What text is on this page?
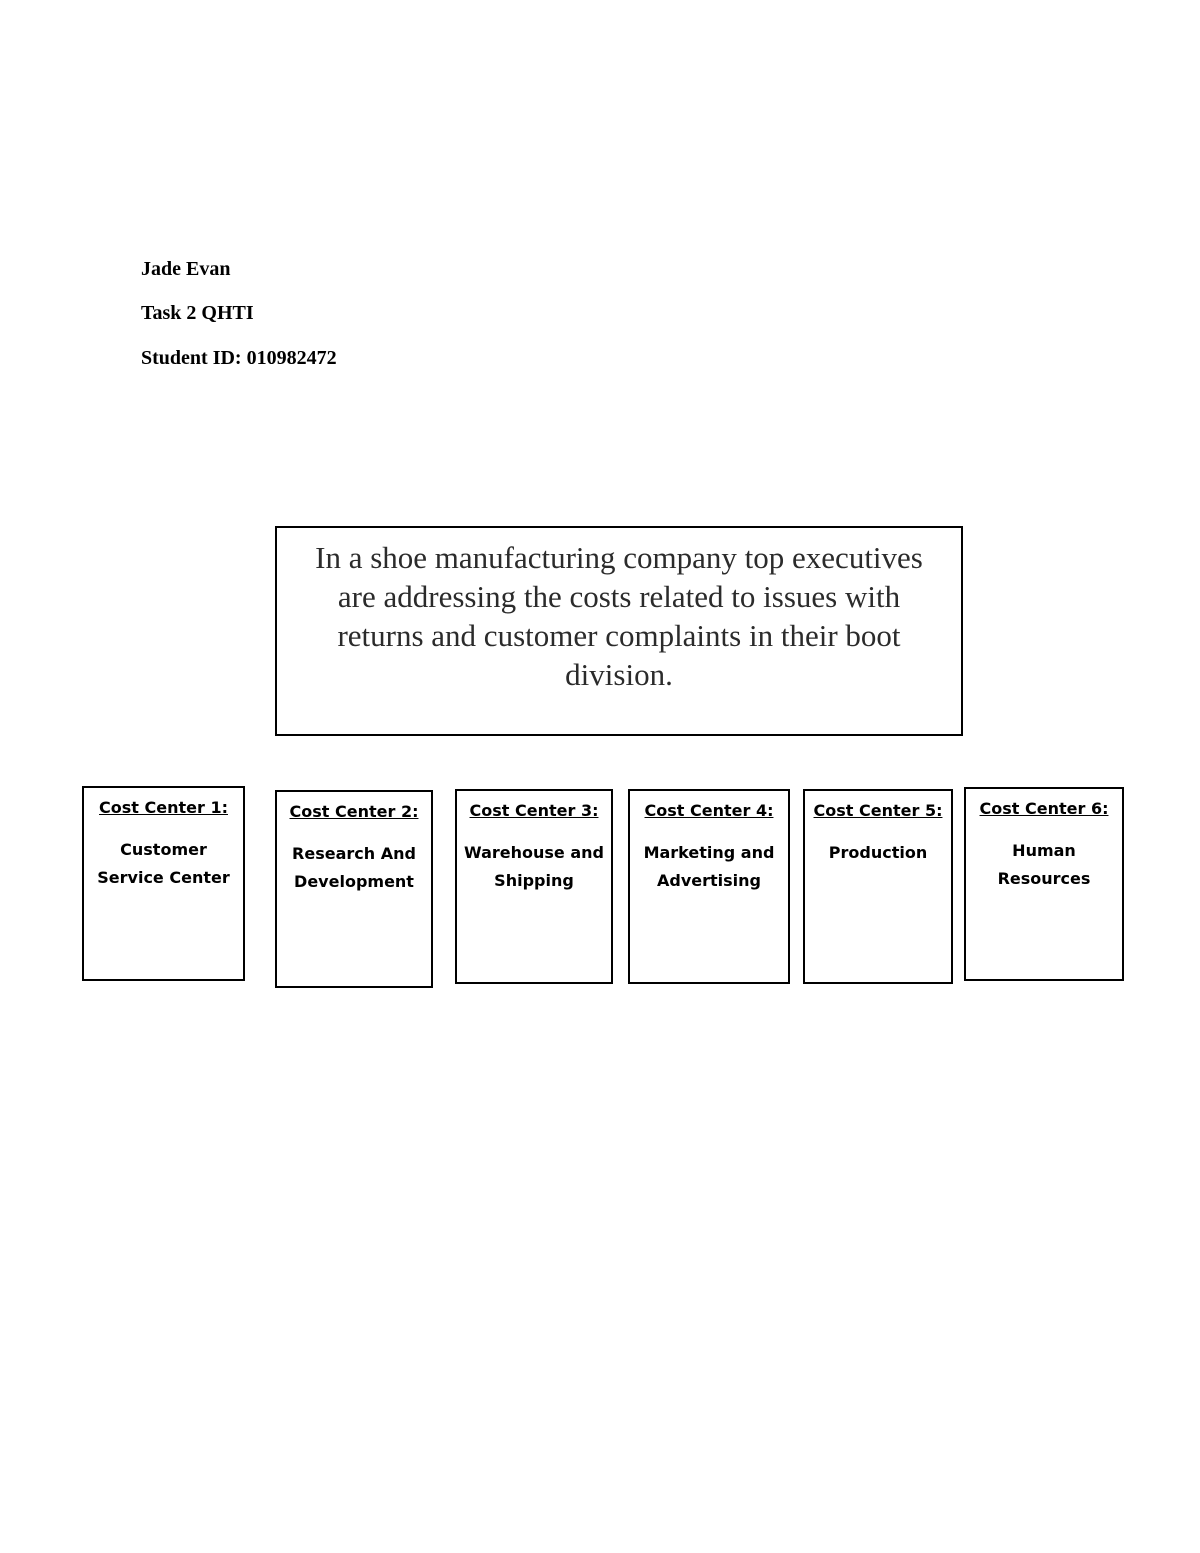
Jade Evan

Task 2 QHTI

Student ID: 010982472

In a shoe manufacturing company top executives are addressing the costs related to issues with returns and customer complaints in their boot division.
Cost Center 1:
Customer Service Center
Cost Center 2:
Research And Development
Cost Center 3:
Warehouse and Shipping
Cost Center 4:
Marketing and Advertising
Cost Center 5:
Production
Cost Center 6:
Human Resources
